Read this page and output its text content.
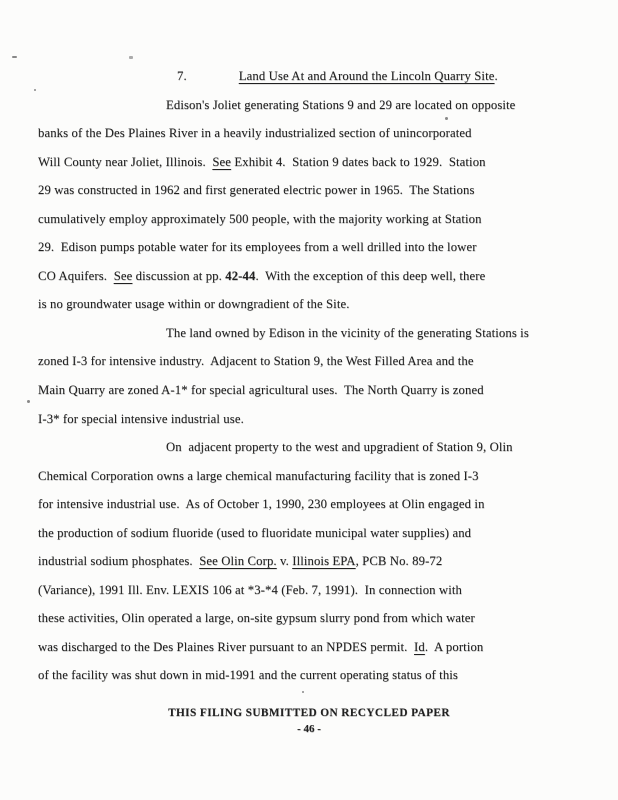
7.	Land Use At and Around the Lincoln Quarry Site.
Edison's Joliet generating Stations 9 and 29 are located on opposite
banks of the Des Plaines River in a heavily industrialized section of unincorporated
Will County near Joliet, Illinois.  See Exhibit 4.  Station 9 dates back to 1929.  Station
29 was constructed in 1962 and first generated electric power in 1965.  The Stations
cumulatively employ approximately 500 people, with the majority working at Station
29.  Edison pumps potable water for its employees from a well drilled into the lower
CO Aquifers.  See discussion at pp. 42-44.  With the exception of this deep well, there
is no groundwater usage within or downgradient of the Site.
The land owned by Edison in the vicinity of the generating Stations is
zoned I-3 for intensive industry.  Adjacent to Station 9, the West Filled Area and the
Main Quarry are zoned A-1* for special agricultural uses.  The North Quarry is zoned
I-3* for special intensive industrial use.
On  adjacent property to the west and upgradient of Station 9, Olin
Chemical Corporation owns a large chemical manufacturing facility that is zoned I-3
for intensive industrial use.  As of October 1, 1990, 230 employees at Olin engaged in
the production of sodium fluoride (used to fluoridate municipal water supplies) and
industrial sodium phosphates.  See Olin Corp. v. Illinois EPA, PCB No. 89-72
(Variance), 1991 Ill. Env. LEXIS 106 at *3-*4 (Feb. 7, 1991).  In connection with
these activities, Olin operated a large, on-site gypsum slurry pond from which water
was discharged to the Des Plaines River pursuant to an NPDES permit.  Id.  A portion
of the facility was shut down in mid-1991 and the current operating status of this
THIS FILING SUBMITTED ON RECYCLED PAPER
- 46 -
